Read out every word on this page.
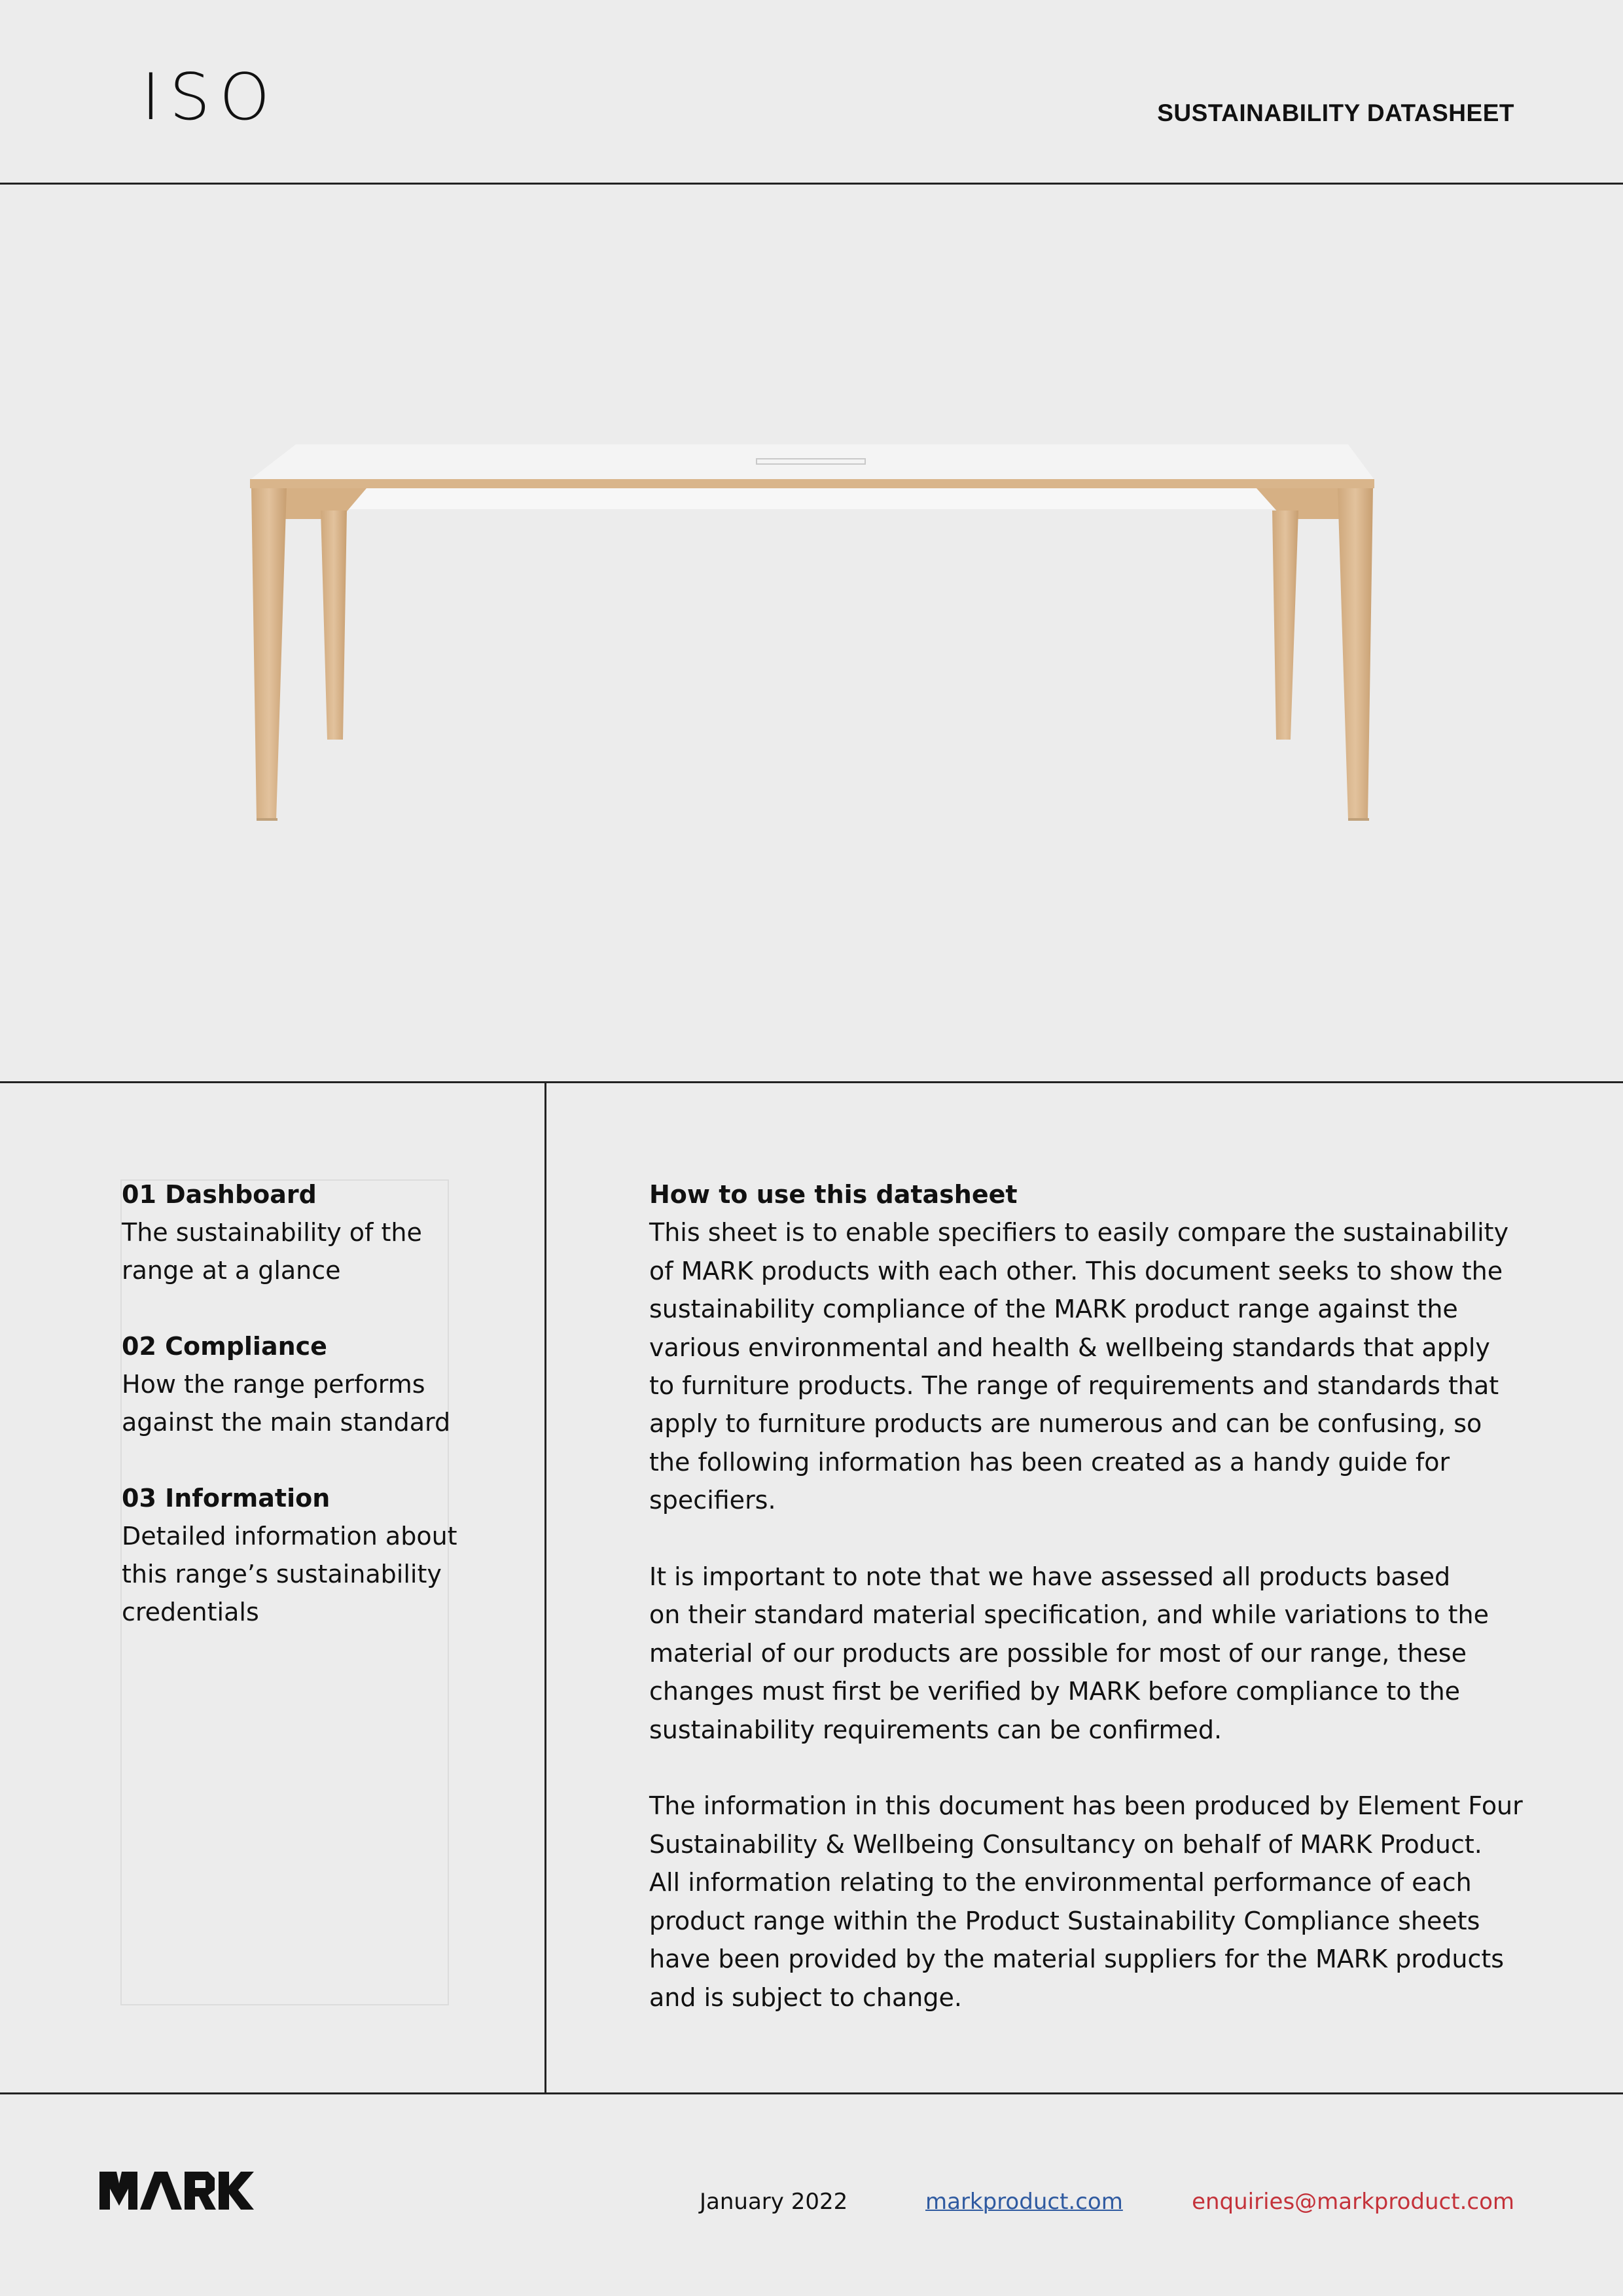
ISO	SUSTAINABILITY DATASHEET
01 Dashboard
The sustainability of the
range at a glance
02 Compliance
How the range performs
against the main standard
03 Information
Detailed information about
this range’s sustainability
credentials
How to use this datasheet

This sheet is to enable specifiers to easily compare the sustainability
of MARK products with each other. This document seeks to show the
sustainability compliance of the MARK product range against the
various environmental and health & wellbeing standards that apply
to furniture products. The range of requirements and standards that
apply to furniture products are numerous and can be confusing, so
the following information has been created as a handy guide for
specifiers.

It is important to note that we have assessed all products based
on their standard material specification, and while variations to the
material of our products are possible for most of our range, these
changes must first be verified by MARK before compliance to the
sustainability requirements can be confirmed.

The information in this document has been produced by Element Four
Sustainability & Wellbeing Consultancy on behalf of MARK Product.
All information relating to the environmental performance of each
product range within the Product Sustainability Compliance sheets
have been provided by the material suppliers for the MARK products
and is subject to change.

January 2022	markproduct.com	enquiries@markproduct.com
